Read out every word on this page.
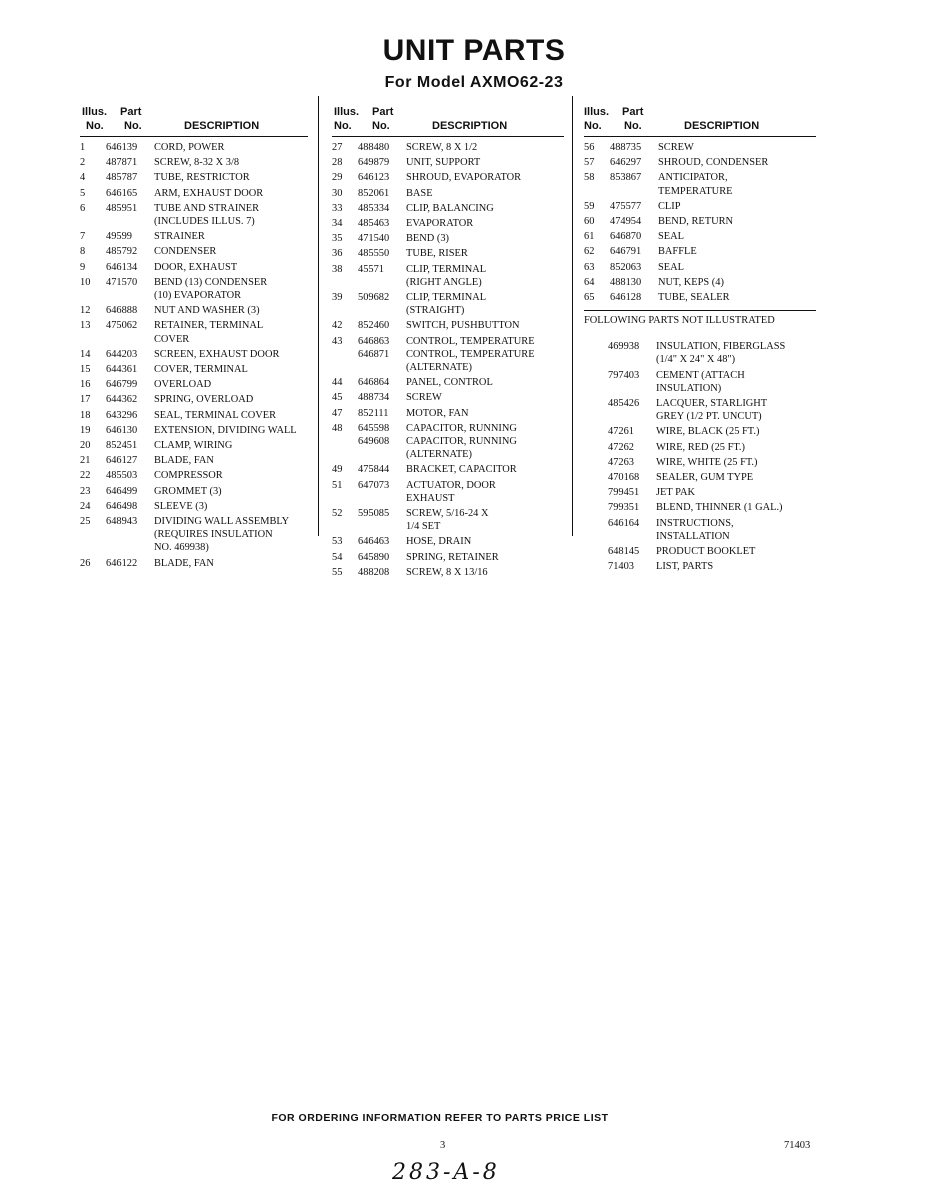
UNIT PARTS
For Model AXMO62-23
Illus. Part
No. No.	DESCRIPTION
1	646139	CORD, POWER
2	487871	SCREW, 8-32 X 3/8
4	485787	TUBE, RESTRICTOR
5	646165	ARM, EXHAUST DOOR
6	485951	TUBE AND STRAINER
(INCLUDES ILLUS. 7)
7	49599	STRAINER
8	485792	CONDENSER
9	646134	DOOR, EXHAUST
10	471570	BEND (13) CONDENSER
(10) EVAPORATOR
12	646888	NUT AND WASHER (3)
13	475062	RETAINER, TERMINAL
COVER
14	644203	SCREEN, EXHAUST DOOR
15	644361	COVER, TERMINAL
16	646799	OVERLOAD
17	644362	SPRING, OVERLOAD
18	643296	SEAL, TERMINAL COVER
19	646130	EXTENSION, DIVIDING WALL
20	852451	CLAMP, WIRING
21	646127	BLADE, FAN
22	485503	COMPRESSOR
23	646499	GROMMET (3)
24	646498	SLEEVE (3)
25	648943	DIVIDING WALL ASSEMBLY
(REQUIRES INSULATION
NO. 469938)
26	646122	BLADE, FAN
Illus. Part
No. No.	DESCRIPTION
27	488480	SCREW, 8 X 1/2
28	649879	UNIT, SUPPORT
29	646123	SHROUD, EVAPORATOR
30	852061	BASE
33	485334	CLIP, BALANCING
34	485463	EVAPORATOR
35	471540	BEND (3)
36	485550	TUBE, RISER
38	45571	CLIP, TERMINAL
(RIGHT ANGLE)
39	509682	CLIP, TERMINAL
(STRAIGHT)
42	852460	SWITCH, PUSHBUTTON
43	646863	CONTROL, TEMPERATURE
646871	CONTROL, TEMPERATURE
(ALTERNATE)
44	646864	PANEL, CONTROL
45	488734	SCREW
47	852111	MOTOR, FAN
48	645598	CAPACITOR, RUNNING
649608	CAPACITOR, RUNNING
(ALTERNATE)
49	475844	BRACKET, CAPACITOR
51	647073	ACTUATOR, DOOR
EXHAUST
52	595085	SCREW, 5/16-24 X
1/4 SET
53	646463	HOSE, DRAIN
54	645890	SPRING, RETAINER
55	488208	SCREW, 8 X 13/16
Illus. Part
No. No.	DESCRIPTION
56	488735	SCREW
57	646297	SHROUD, CONDENSER
58	853867	ANTICIPATOR,
TEMPERATURE
59	475577	CLIP
60	474954	BEND, RETURN
61	646870	SEAL
62	646791	BAFFLE
63	852063	SEAL
64	488130	NUT, KEPS (4)
65	646128	TUBE, SEALER
FOLLOWING PARTS NOT ILLUSTRATED
469938	INSULATION, FIBERGLASS
(1/4" X 24" X 48")
797403	CEMENT (ATTACH
INSULATION)
485426	LACQUER, STARLIGHT
GREY (1/2 PT. UNCUT)
47261	WIRE, BLACK (25 FT.)
47262	WIRE, RED (25 FT.)
47263	WIRE, WHITE (25 FT.)
470168	SEALER, GUM TYPE
799451	JET PAK
799351	BLEND, THINNER (1 GAL.)
646164	INSTRUCTIONS,
INSTALLATION
648145	PRODUCT BOOKLET
71403	LIST, PARTS
FOR ORDERING INFORMATION REFER TO PARTS PRICE LIST
3	71403
283-A-8
